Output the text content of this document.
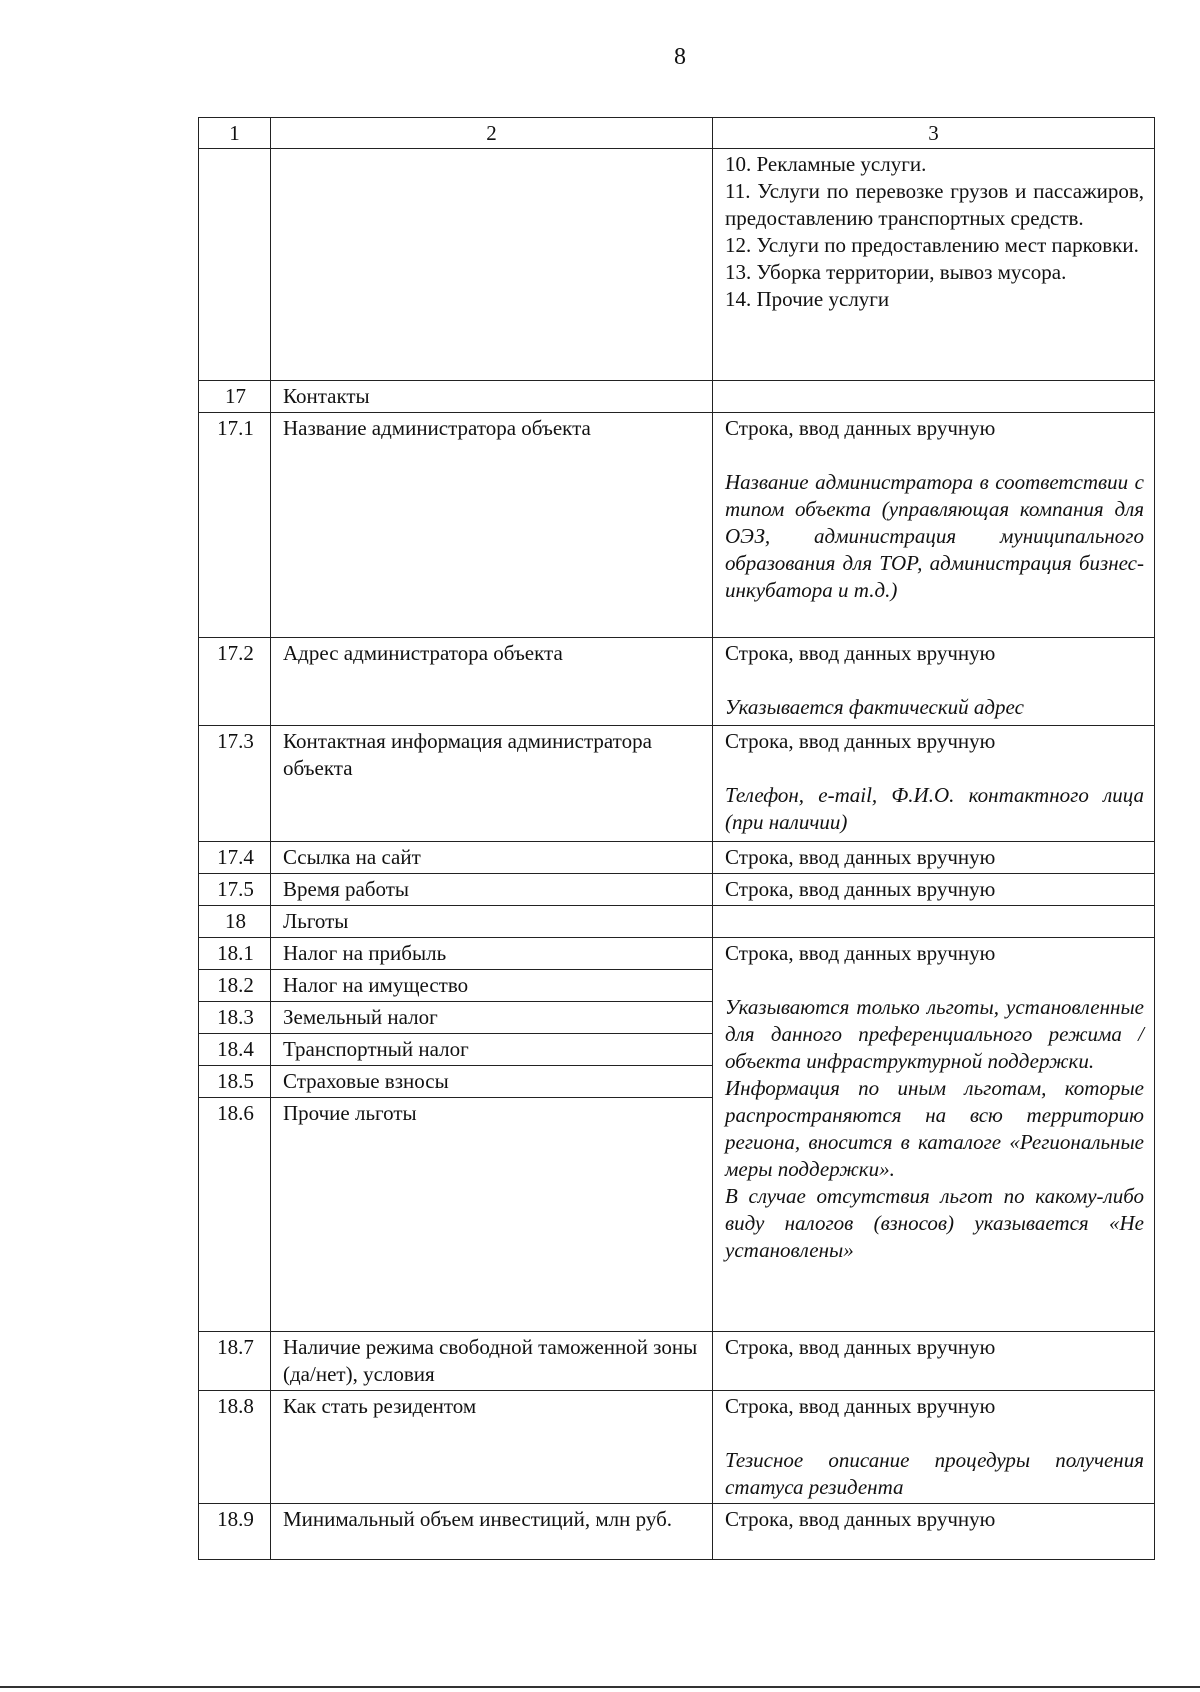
8
1	2	3

		10. Рекламные услуги.
11. Услуги по перевозке грузов и пассажиров, предоставлению транспортных средств.
12. Услуги по предоставлению мест парковки.
13. Уборка территории, вывоз мусора.
14. Прочие услуги

17	Контакты	
17.1	Название администратора объекта	Строка, ввод данных вручную
Название администратора в соответствии с типом объекта (управляющая компания для ОЭЗ, администрация муниципального образования для ТОР, администрация бизнес-инкубатора и т.д.)

17.2	Адрес администратора объекта	Строка, ввод данных вручную
Указывается фактический адрес

17.3	Контактная информация администратора объекта	Строка, ввод данных вручную
Телефон, e-mail, Ф.И.О. контактного лица (при наличии)

17.4	Ссылка на сайт	Строка, ввод данных вручную
17.5	Время работы	Строка, ввод данных вручную
18	Льготы	
18.1	Налог на прибыль	Строка, ввод данных вручную
Указываются только льготы, установленные для данного преференциального режима / объекта инфраструктурной поддержки.
Информация по иным льготам, которые распространяются на всю территорию региона, вносится в каталоге «Региональные меры поддержки».
В случае отсутствия льгот по какому-либо виду налогов (взносов) указывается «Не установлены»

18.2	Налог на имущество	
18.3	Земельный налог	
18.4	Транспортный налог	
18.5	Страховые взносы	
18.6	Прочие льготы	
18.7	Наличие режима свободной таможенной зоны (да/нет), условия	Строка, ввод данных вручную
18.8	Как стать резидентом	Строка, ввод данных вручную
Тезисное описание процедуры получения статуса резидента

18.9	Минимальный объем инвестиций, млн руб.	Строка, ввод данных вручную
